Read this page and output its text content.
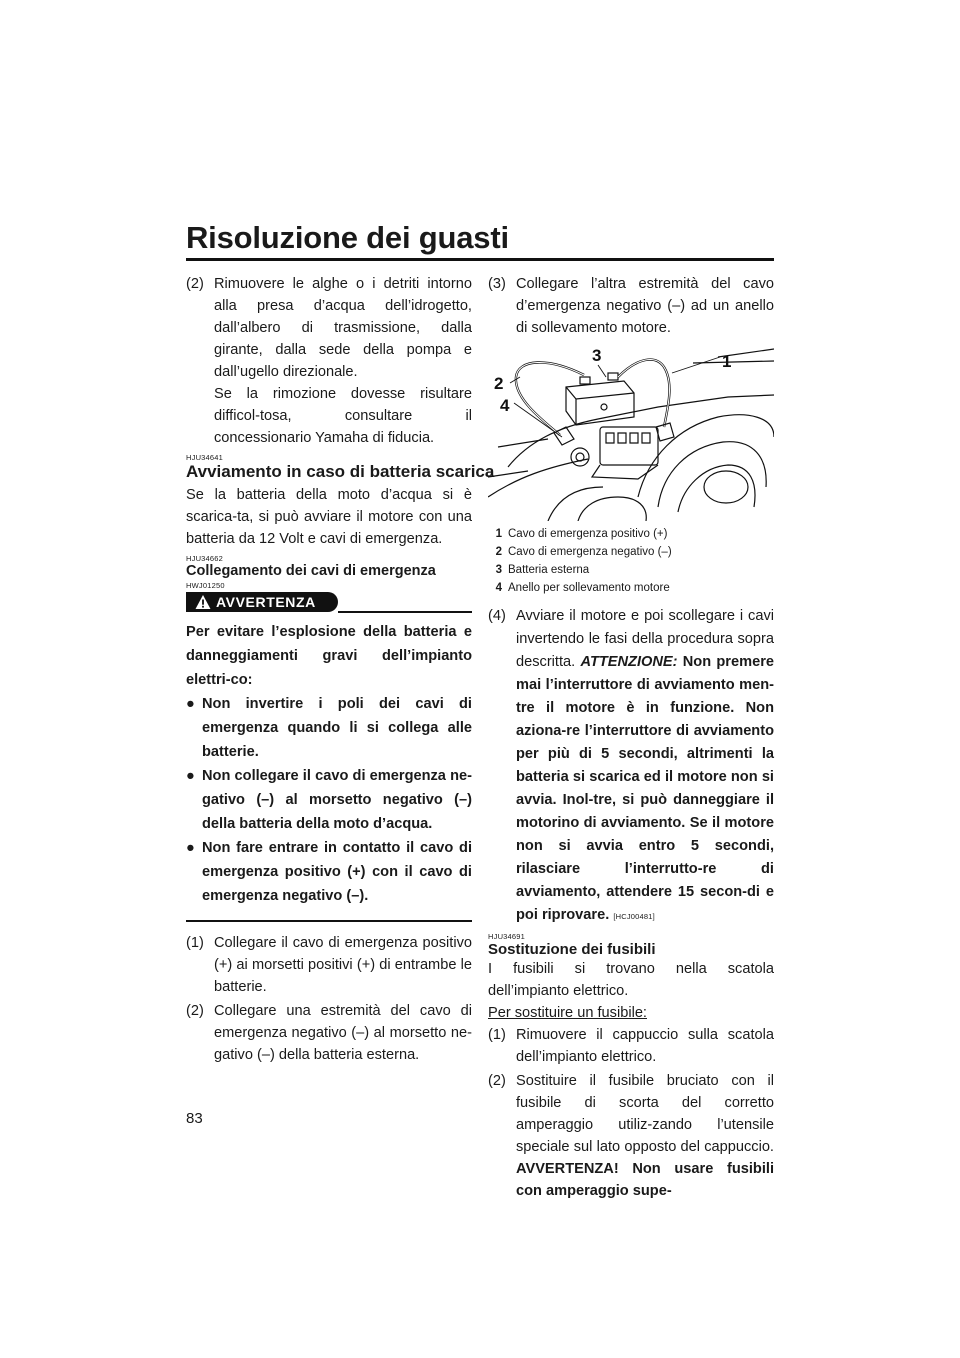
Risoluzione dei guasti
(2) Rimuovere le alghe o i detriti intorno alla presa d’acqua dell’idrogetto, dall’albero di trasmissione, dalla girante, dalla sede della pompa e dall’ugello direzionale.
Se la rimozione dovesse risultare difficol-tosa, consultare il concessionario Yamaha di fiducia.
HJU34641
Avviamento in caso di batteria scarica

Se la batteria della moto d’acqua si è scarica-ta, si può avviare il motore con una batteria da 12 Volt e cavi di emergenza.

HJU34662
Collegamento dei cavi di emergenza
HWJ01250
AVVERTENZA

Per evitare l’esplosione della batteria e danneggiamenti gravi dell’impianto elettri-co:

● Non invertire i poli dei cavi di emergenza quando li si collega alle batterie.
● Non collegare il cavo di emergenza ne-gativo (–) al morsetto negativo (–) della batteria della moto d’acqua.
● Non fare entrare in contatto il cavo di emergenza positivo (+) con il cavo di emergenza negativo (–).
(1) Collegare il cavo di emergenza positivo (+) ai morsetti positivi (+) di entrambe le batterie.
(2) Collegare una estremità del cavo di emergenza negativo (–) al morsetto ne-gativo (–) della batteria esterna.
(3) Collegare l’altra estremità del cavo d’emergenza negativo (–) ad un anello di sollevamento motore.
3	1
2
4
1 Cavo di emergenza positivo (+)
2 Cavo di emergenza negativo (–)
3 Batteria esterna
4 Anello per sollevamento motore
(4) Avviare il motore e poi scollegare i cavi invertendo le fasi della procedura sopra descritta. ATTENZIONE: Non premere mai l’interruttore di avviamento men-tre il motore è in funzione. Non aziona-re l’interruttore di avviamento per più di 5 secondi, altrimenti la batteria si scarica ed il motore non si avvia. Inol-tre, si può danneggiare il motorino di avviamento. Se il motore non si avvia entro 5 secondi, rilasciare l’interrutto-re di avviamento, attendere 15 secon-di e poi riprovare. [HCJ00481]
HJU34691
Sostituzione dei fusibili

I fusibili si trovano nella scatola dell’impianto elettrico.

Per sostituire un fusibile:

(1) Rimuovere il cappuccio sulla scatola dell’impianto elettrico.
(2) Sostituire il fusibile bruciato con il fusibile di scorta del corretto amperaggio utiliz-zando l’utensile speciale sul lato opposto del cappuccio. AVVERTENZA! Non usare fusibili con amperaggio supe-
83
